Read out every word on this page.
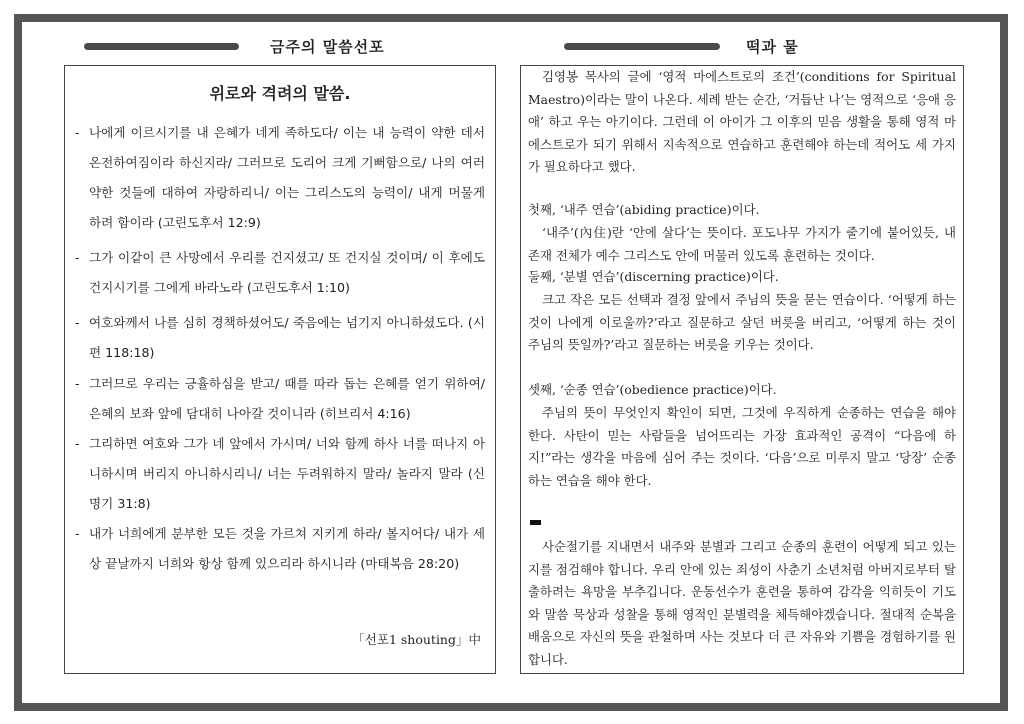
금주의 말씀선포	떡과 물
위로와 격려의 말씀.
- 나에게 이르시기를 내 은혜가 네게 족하도다/ 이는 내 능력이 약한 데서 온전하여짐이라 하신지라/ 그러므로 도리어 크게 기뻐함으로/ 나의 여러 약한 것들에 대하여 자랑하리니/ 이는 그리스도의 능력이/ 내게 머물게 하려 함이라 (고린도후서 12:9)
- 그가 이같이 큰 사망에서 우리를 건지셨고/ 또 건지실 것이며/ 이 후에도 건지시기를 그에게 바라노라 (고린도후서 1:10)
- 여호와께서 나를 심히 경책하셨어도/ 죽음에는 넘기지 아니하셨도다. (시편 118:18)
- 그러므로 우리는 긍휼하심을 받고/ 때를 따라 돕는 은혜를 얻기 위하여/ 은혜의 보좌 앞에 담대히 나아갈 것이니라 (히브리서 4:16)
- 그리하면 여호와 그가 네 앞에서 가시며/ 너와 함께 하사 너를 떠나지 아니하시며 버리지 아니하시리니/ 너는 두려워하지 말라/ 놀라지 말라 (신명기 31:8)
- 내가 너희에게 분부한 모든 것을 가르쳐 지키게 하라/ 볼지어다/ 내가 세상 끝날까지 너희와 항상 함께 있으리라 하시니라 (마태복음 28:20)
「선포1 shouting」中

김영봉 목사의 글에 ‘영적 마에스트로의 조건’(conditions for Spiritual Maestro)이라는 말이 나온다. 세례 받는 순간, ‘거듭난 나’는 영적으로 ‘응애 응애’ 하고 우는 아기이다. 그런데 이 아이가 그 이후의 믿음 생활을 통해 영적 마에스트로가 되기 위해서 지속적으로 연습하고 훈련해야 하는데 적어도 세 가지가 필요하다고 했다.

첫째, ‘내주 연습’(abiding practice)이다.

‘내주’(內住)란 ‘안에 살다’는 뜻이다. 포도나무 가지가 줄기에 붙어있듯, 내 존재 전체가 예수 그리스도 안에 머물러 있도록 훈련하는 것이다.

둘째, ‘분별 연습’(discerning practice)이다.

크고 작은 모든 선택과 결정 앞에서 주님의 뜻을 묻는 연습이다. ‘어떻게 하는 것이 나에게 이로울까?’라고 질문하고 살던 버릇을 버리고, ‘어떻게 하는 것이 주님의 뜻일까?’라고 질문하는 버릇을 키우는 것이다.

셋째, ‘순종 연습’(obedience practice)이다.

주님의 뜻이 무엇인지 확인이 되면, 그것에 우직하게 순종하는 연습을 해야 한다. 사탄이 믿는 사람들을 넘어뜨리는 가장 효과적인 공격이 “다음에 하지!”라는 생각을 마음에 심어 주는 것이다. ‘다음’으로 미루지 말고 ‘당장’ 순종하는 연습을 해야 한다.

사순절기를 지내면서 내주와 분별과 그리고 순종의 훈련이 어떻게 되고 있는지를 점검해야 합니다. 우리 안에 있는 죄성이 사춘기 소년처럼 아버지로부터 탈출하려는 욕망을 부추깁니다. 운동선수가 훈련을 통하여 감각을 익히듯이 기도와 말씀 묵상과 성찰을 통해 영적인 분별력을 체득해야겠습니다. 절대적 순복을 배움으로 자신의 뜻을 관철하며 사는 것보다 더 큰 자유와 기쁨을 경험하기를 원합니다.
